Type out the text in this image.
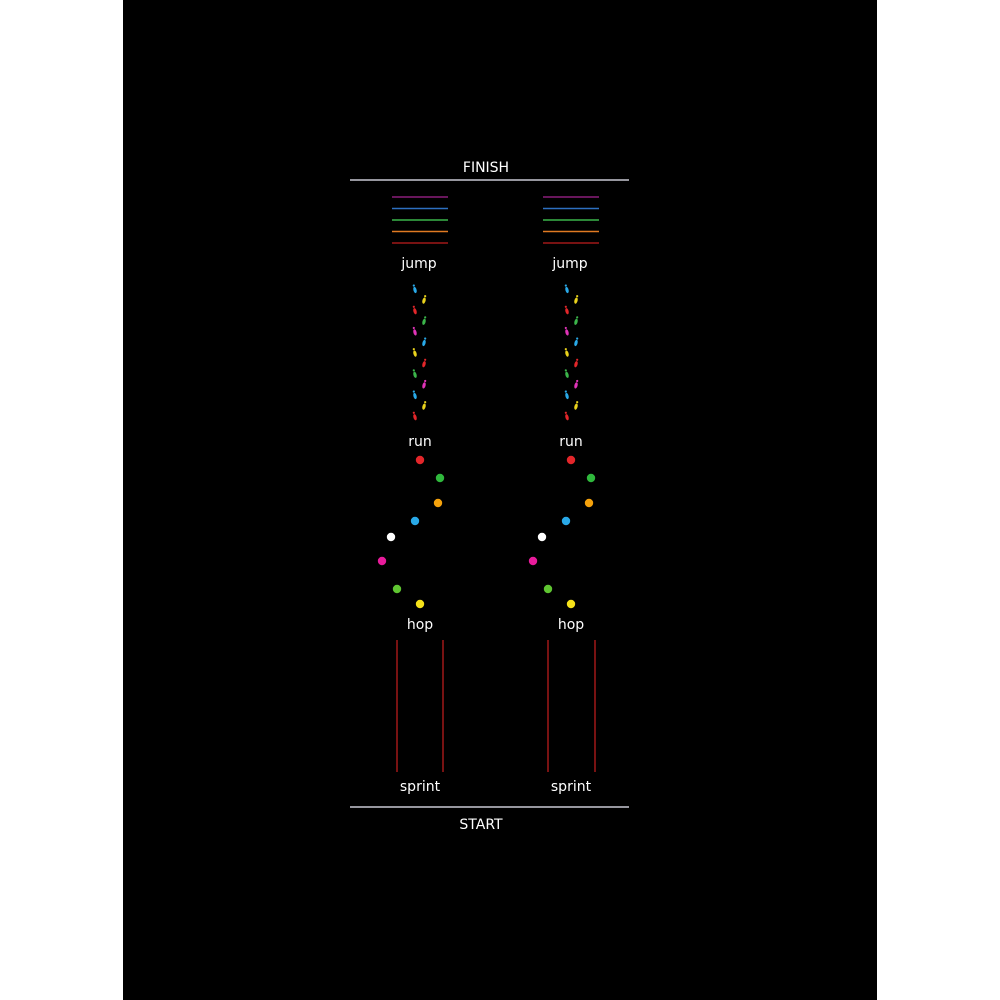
FINISH
START
jump
run
hop
sprint
jump
run
hop
sprint
